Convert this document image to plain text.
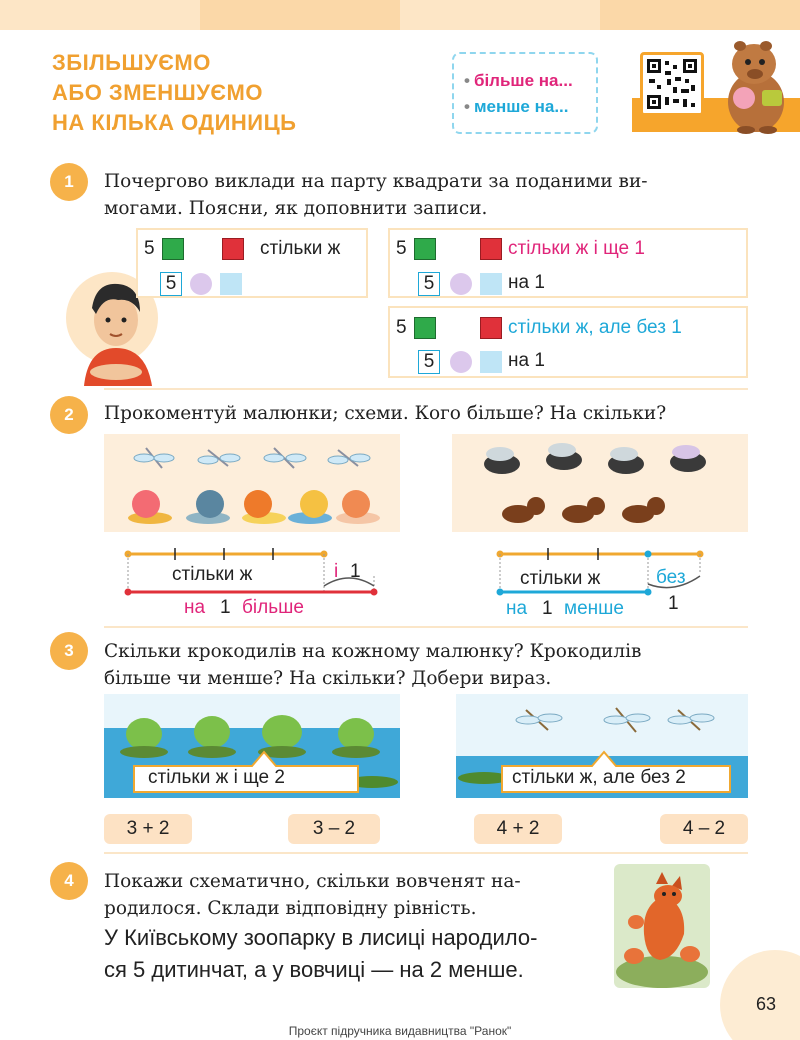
ЗБІЛЬШУЄМО
АБО ЗМЕНШУЄМО
НА КІЛЬКА ОДИНИЦЬ
• більше на...
• менше на...
1	Почергово виклади на парту квадрати за поданими ви-
могами. Поясни, як доповнити записи.
5	стільки ж
5
5	стільки ж і ще 1
5	на 1
5	стільки ж, але без 1
5	на 1
2	Прокоментуй малюнки; схеми. Кого більше? На скільки?
стільки ж	і 1
на 1 більше
стільки ж	без
1
на 1 менше
3	Скільки крокодилів на кожному малюнку? Крокодилів
більше чи менше? На скільки? Добери вираз.
стільки ж і ще 2	стільки ж, але без 2
3 + 2	3 – 2	4 + 2	4 – 2
4	Покажи схематично, скільки вовченят на-
родилося. Склади відповідну рівність.
У Київському зоопарку в лисиці народило-
ся 5 дитинчат, а у вовчиці — на 2 менше.
63
Проєкт підручника видавництва "Ранок"
